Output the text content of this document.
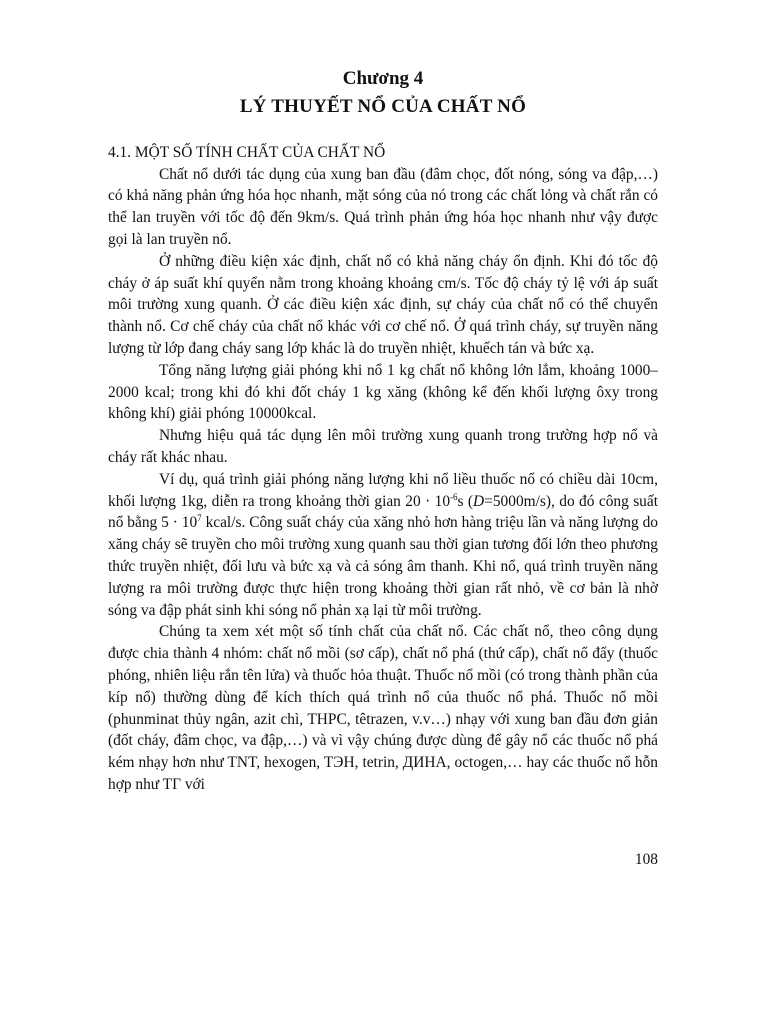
Chương 4
LÝ THUYẾT NỔ CỦA CHẤT NỔ
4.1. MỘT SỐ TÍNH CHẤT CỦA CHẤT NỔ

Chất nổ dưới tác dụng của xung ban đầu (đâm chọc, đốt nóng, sóng va đập,…) có khả năng phản ứng hóa học nhanh, mặt sóng của nó trong các chất lỏng và chất rắn có thể lan truyền với tốc độ đến 9km/s. Quá trình phản ứng hóa học nhanh như vậy được gọi là lan truyền nổ.

Ở những điều kiện xác định, chất nổ có khả năng cháy ổn định. Khi đó tốc độ cháy ở áp suất khí quyển nằm trong khoảng khoảng cm/s. Tốc độ cháy tỷ lệ với áp suất môi trường xung quanh. Ở các điều kiện xác định, sự cháy của chất nổ có thể chuyển thành nổ. Cơ chế cháy của chất nổ khác với cơ chế nổ. Ở quá trình cháy, sự truyền năng lượng từ lớp đang cháy sang lớp khác là do truyền nhiệt, khuếch tán và bức xạ.

Tổng năng lượng giải phóng khi nổ 1 kg chất nổ không lớn lắm, khoảng 1000–2000 kcal; trong khi đó khi đốt cháy 1 kg xăng (không kể đến khối lượng ôxy trong không khí) giải phóng 10000kcal.

Nhưng hiệu quả tác dụng lên môi trường xung quanh trong trường hợp nổ và cháy rất khác nhau.

Ví dụ, quá trình giải phóng năng lượng khi nổ liều thuốc nổ có chiều dài 10cm, khối lượng 1kg, diễn ra trong khoảng thời gian $20 \cdot 10^{-6}s$ (D=5000m/s), do đó công suất nổ bằng $5 \cdot 10^7$ kcal/s. Công suất cháy của xăng nhỏ hơn hàng triệu lần và năng lượng do xăng cháy sẽ truyền cho môi trường xung quanh sau thời gian tương đối lớn theo phương thức truyền nhiệt, đối lưu và bức xạ và cả sóng âm thanh. Khi nổ, quá trình truyền năng lượng ra môi trường được thực hiện trong khoảng thời gian rất nhỏ, về cơ bản là nhờ sóng va đập phát sinh khi sóng nổ phản xạ lại từ môi trường.

Chúng ta xem xét một số tính chất của chất nổ. Các chất nổ, theo công dụng được chia thành 4 nhóm: chất nổ mồi (sơ cấp), chất nổ phá (thứ cấp), chất nổ đẩy (thuốc phóng, nhiên liệu rắn tên lửa) và thuốc hỏa thuật. Thuốc nổ mồi (có trong thành phần của kíp nổ) thường dùng để kích thích quá trình nổ của thuốc nổ phá. Thuốc nổ mồi (phunminat thủy ngân, azit chì, THPC, têtrazen, v.v…) nhạy với xung ban đầu đơn giản (đốt cháy, đâm chọc, va đập,…) và vì vậy chúng được dùng để gây nổ các thuốc nổ phá kém nhạy hơn như TNT, hexogen, TЭH, tetrin, ДИНА, octogen,… hay các thuốc nổ hỗn hợp như TГ với

108
